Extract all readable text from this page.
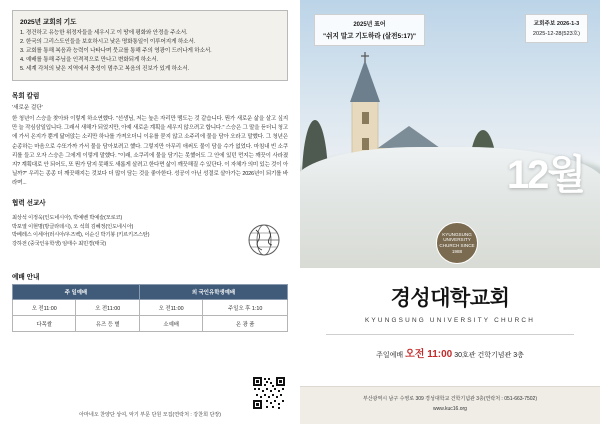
2025년 교회의 기도
1. 경건하고 유능한 위정자들을 세우시고 이 땅에 평화와 안정을 주소서.
2. 한국의 그리스도인들을 보호하시고 낮은 명화통일이 이루어지게 하소서.
3. 교회를 통해 복음과 능력이 나타나며 뭇교를 통해 주의 영광이 드러나게 하소서.
4. 예배를 통해 주님을 인격적으로 만나고 변화되게 하소서.
5. 세계 각처의 낮은 지역에서 충성이 멈추고 복음의 진보가 있게 하소서.
목회 칼럼
'새로운 걸단'
한 청년이 스승을 찾아와 이렇게 하소연했다. "선생님, 저는 높은 자리만 맴도는 것 같습니다. 뭔가 새로운 삶을 살고 싶지만 늘 작심삼일입니다. 그래서 새해가 되었지만, 아예 새로운 계획을 세우지 않으려고 합니다." 스승은 그 말을 듣더니 청고에 가서 온지가 뿐게 닮어앉는 소리만 하나를 가져오더니 이유를 묻지 않고 소주리에 물을 담아 오라고 말했다. 그 청년은 순종하는 마음으로 수또가까 가서 물을 담아보려고 했다. 그렇지만 아무리 애써도 물이 담을 수가 없었다. 마침내 빈 소쿠리를 들고 오자 스승은 그에게 이렇게 말했다. "이래, 소쿠리에 물을 담기는 못했어도 그 안에 있던 먼지는 깨끗이 사라졌지? 계획대로 안 되어도, 또 뭔가 담지 못해도 새롭게 살려고 한다면 삶이 깨끗해질 수 있단다. 이 자체가 의미 있는 것이 아닐까?" 우리는 종종 더 깨끗해지는 것보다 더 많이 담는 것을 좋아한다. 성공이 아닌 성결로 살아가는 2026년이 되기를 바라며...
협력 선교사
최상석 이정욱(인도네시아), 박예벤 박예슬(모로코)
박포열 이현명(방글라데시), 오 석희 김혜정(인도네시아)
박베레스 이세아(러시아/우즈벡), 이순신 박기봉 (키르키즈스탄)
강하전 (중국인유학생) 임태수 최민경(태국)
예배 안내
주 일예배		외 국인유학생예배	
오 전11:00	오 전11:00	오 전11:00	주일오 후 1:10
다목쌀	유즈 등 별	소예배	온 광 품
아마네오 찬양단 상여, 악기 부문 단원 모집(연락처 : 강찬희 단장)
2025년 표어
"쉬지 말고 기도하라 (살전5:17)"
교회주보 2026-1-3
2025-12-28(523호)
12월
KYUNGSUNG UNIVERSITY CHURCH SINCE 1988
경성대학교회
KYUNGSUNG UNIVERSITY CHURCH
주일예배 오전 11:00 30호관 건학기념관 3층
부산광역시 남구 수영로 309 경성대학교 건학기념관 3층(연락처 : 051-663-7502)
www.kuc16.org
